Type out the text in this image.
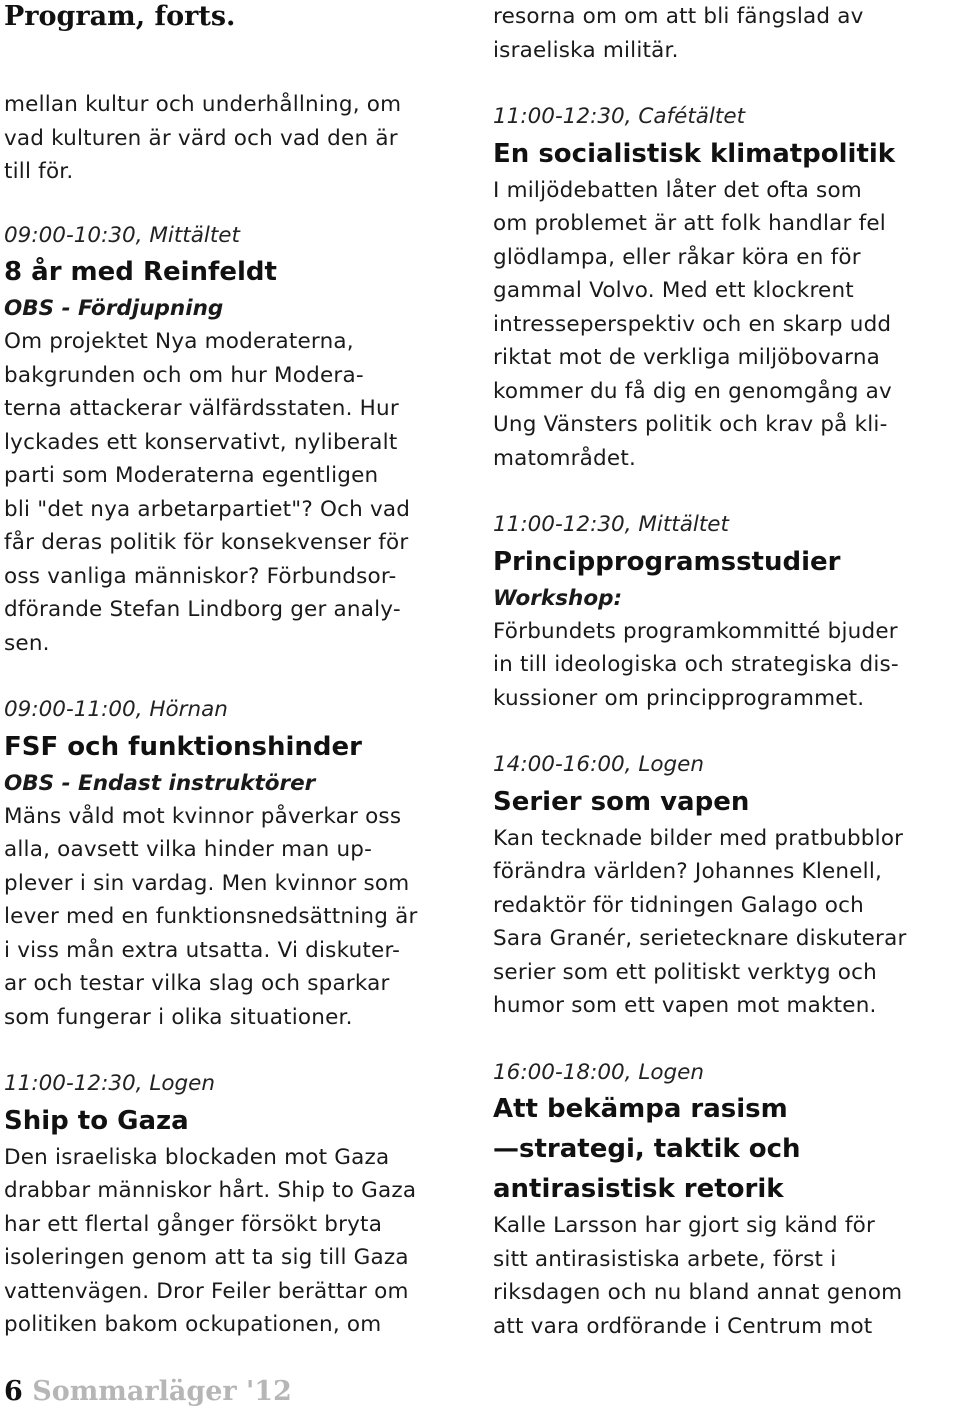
Program, forts.
mellan kultur och underhållning, om
vad kulturen är värd och vad den är
till för.
09:00-10:30, Mittältet
8 år med Reinfeldt
OBS - Fördjupning
Om projektet Nya moderaterna,
bakgrunden och om hur Modera-
terna attackerar välfärdsstaten. Hur
lyckades ett konservativt, nyliberalt
parti som Moderaterna egentligen
bli "det nya arbetarpartiet"? Och vad
får deras politik för konsekvenser för
oss vanliga människor? Förbundsor-
dförande Stefan Lindborg ger analy-
sen.
09:00-11:00, Hörnan
FSF och funktionshinder
OBS - Endast instruktörer
Mäns våld mot kvinnor påverkar oss
alla, oavsett vilka hinder man up-
plever i sin vardag. Men kvinnor som
lever med en funktionsnedsättning är
i viss mån extra utsatta. Vi diskuter-
ar och testar vilka slag och sparkar
som fungerar i olika situationer.
11:00-12:30, Logen
Ship to Gaza
Den israeliska blockaden mot Gaza
drabbar människor hårt. Ship to Gaza
har ett flertal gånger försökt bryta
isoleringen genom att ta sig till Gaza
vattenvägen. Dror Feiler berättar om
politiken bakom ockupationen, om
resorna om om att bli fängslad av
israeliska militär.
11:00-12:30, Cafétältet
En socialistisk klimatpolitik
I miljödebatten låter det ofta som
om problemet är att folk handlar fel
glödlampa, eller råkar köra en för
gammal Volvo. Med ett klockrent
intresseperspektiv och en skarp udd
riktat mot de verkliga miljöbovarna
kommer du få dig en genomgång av
Ung Vänsters politik och krav på kli-
matområdet.
11:00-12:30, Mittältet
Principprogramsstudier
Workshop:
Förbundets programkommitté bjuder
in till ideologiska och strategiska dis-
kussioner om principprogrammet.
14:00-16:00, Logen
Serier som vapen
Kan tecknade bilder med pratbubblor
förändra världen? Johannes Klenell,
redaktör för tidningen Galago och
Sara Granér, serietecknare diskuterar
serier som ett politiskt verktyg och
humor som ett vapen mot makten.
16:00-18:00, Logen
Att bekämpa rasism
—strategi, taktik och
antirasistisk retorik
Kalle Larsson har gjort sig känd för
sitt antirasistiska arbete, först i
riksdagen och nu bland annat genom
att vara ordförande i Centrum mot
6 Sommarläger '12
